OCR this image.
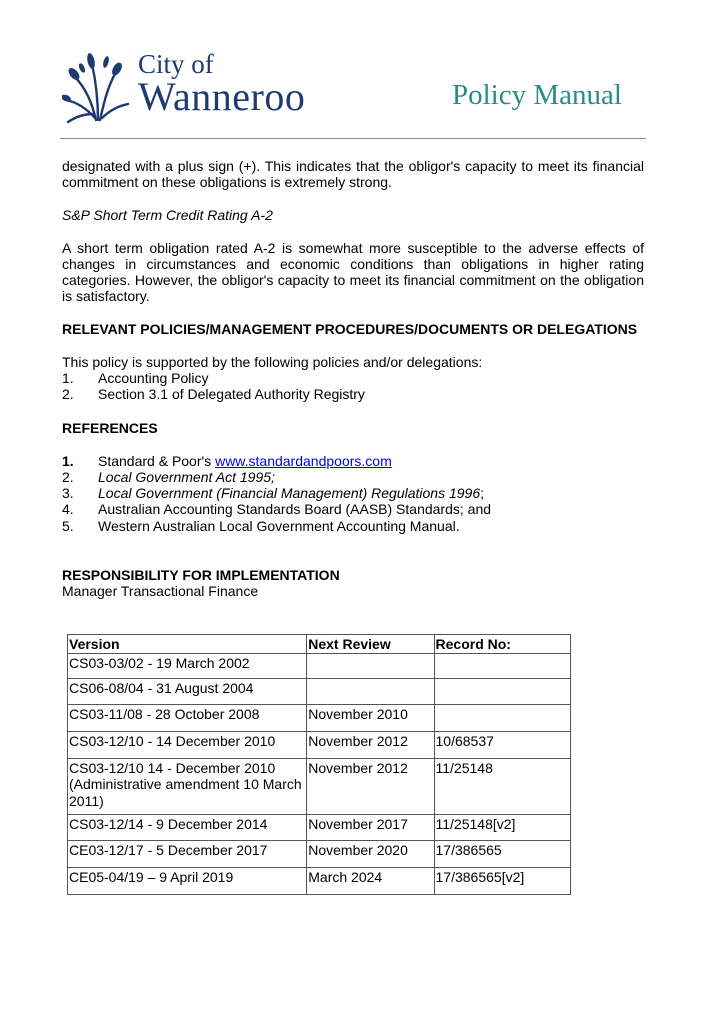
City of
Wanneroo	Policy Manual

designated with a plus sign (+). This indicates that the obligor's capacity to meet its financial commitment on these obligations is extremely strong.

S&P Short Term Credit Rating A-2

A short term obligation rated A-2 is somewhat more susceptible to the adverse effects of changes in circumstances and economic conditions than obligations in higher rating categories. However, the obligor's capacity to meet its financial commitment on the obligation is satisfactory.

RELEVANT POLICIES/MANAGEMENT PROCEDURES/DOCUMENTS OR DELEGATIONS

This policy is supported by the following policies and/or delegations:

1.	Accounting Policy
2.	Section 3.1 of Delegated Authority Registry

REFERENCES

1.	Standard & Poor's www.standardandpoors.com
2.	Local Government Act 1995;
3.	Local Government (Financial Management) Regulations 1996;
4.	Australian Accounting Standards Board (AASB) Standards; and
5.	Western Australian Local Government Accounting Manual.

RESPONSIBILITY FOR IMPLEMENTATION

Manager Transactional Finance

Version	Next Review	Record No:
CS03-03/02 - 19 March 2002		
CS06-08/04 - 31 August 2004		
CS03-11/08 - 28 October 2008	November 2010	
CS03-12/10 - 14 December 2010	November 2012	10/68537
CS03-12/10 14 - December 2010 (Administrative amendment 10 March 2011)	November 2012	11/25148
CS03-12/14 - 9 December 2014	November 2017	11/25148[v2]
CE03-12/17 - 5 December 2017	November 2020	17/386565
CE05-04/19 – 9 April 2019	March 2024	17/386565[v2]
